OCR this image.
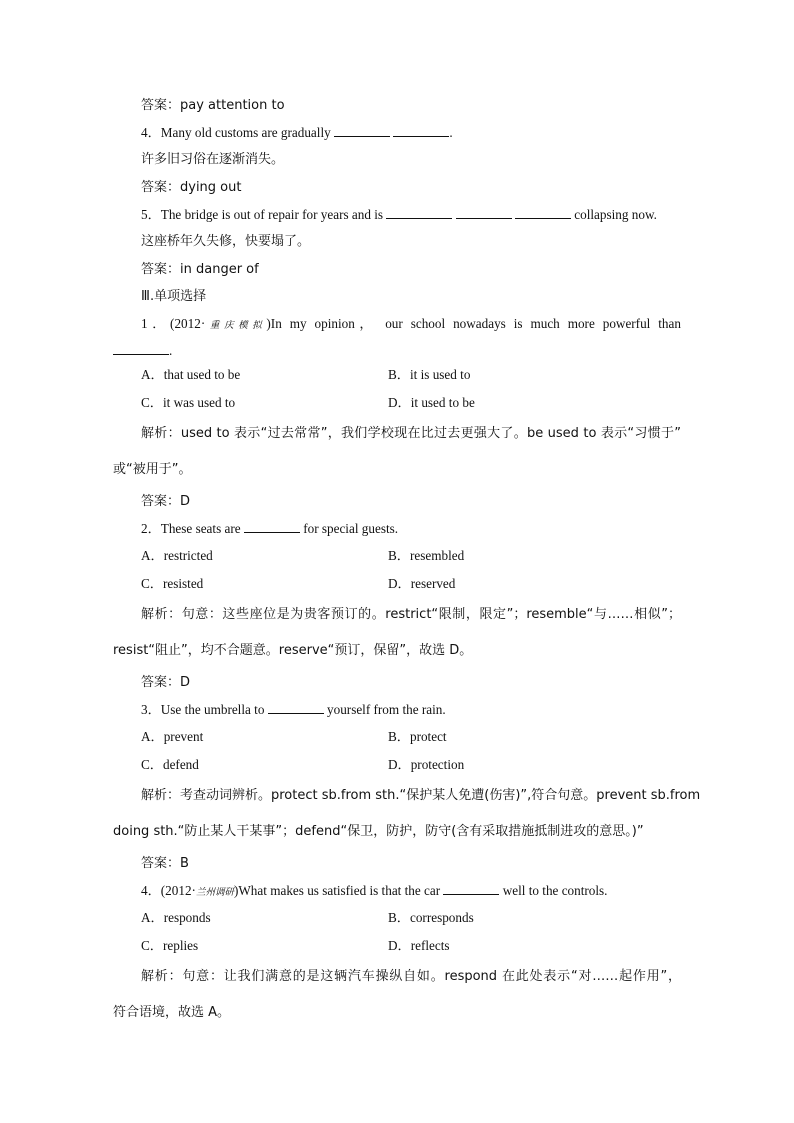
答案：pay attention to
4．Many old customs are gradually	.
许多旧习俗在逐渐消失。
答案：dying out
5．The bridge is out of repair for years and is	collapsing now.
这座桥年久失修，快要塌了。
答案：in danger of
Ⅲ.单项选择
1．(2012·重庆模拟)In my opinion， our school nowadays is much more powerful than
.
A．that used to be	B．it is used to
C．it was used to	D．it used to be
解析：used to 表示“过去常常”，我们学校现在比过去更强大了。be used to 表示“习惯于”
或“被用于”。
答案：D
2．These seats are	for special guests.
A．restricted	B．resembled
C．resisted	D．reserved
解析：句意：这些座位是为贵客预订的。restrict“限制，限定”；resemble“与……相似”；
resist“阻止”，均不合题意。reserve“预订，保留”，故选 D。
答案：D
3．Use the umbrella to	yourself from the rain.
A．prevent	B．protect
C．defend	D．protection
解析：考查动词辨析。protect sb.from sth.“保护某人免遭(伤害)”,符合句意。prevent sb.from
doing sth.“防止某人干某事”；defend“保卫，防护，防守(含有采取措施抵制进攻的意思。)”
答案：B
4．(2012·兰州调研)What makes us satisfied is that the car	well to the controls.
A．responds	B．corresponds
C．replies	D．reflects
解析：句意：让我们满意的是这辆汽车操纵自如。respond 在此处表示“对……起作用”，
符合语境，故选 A。
